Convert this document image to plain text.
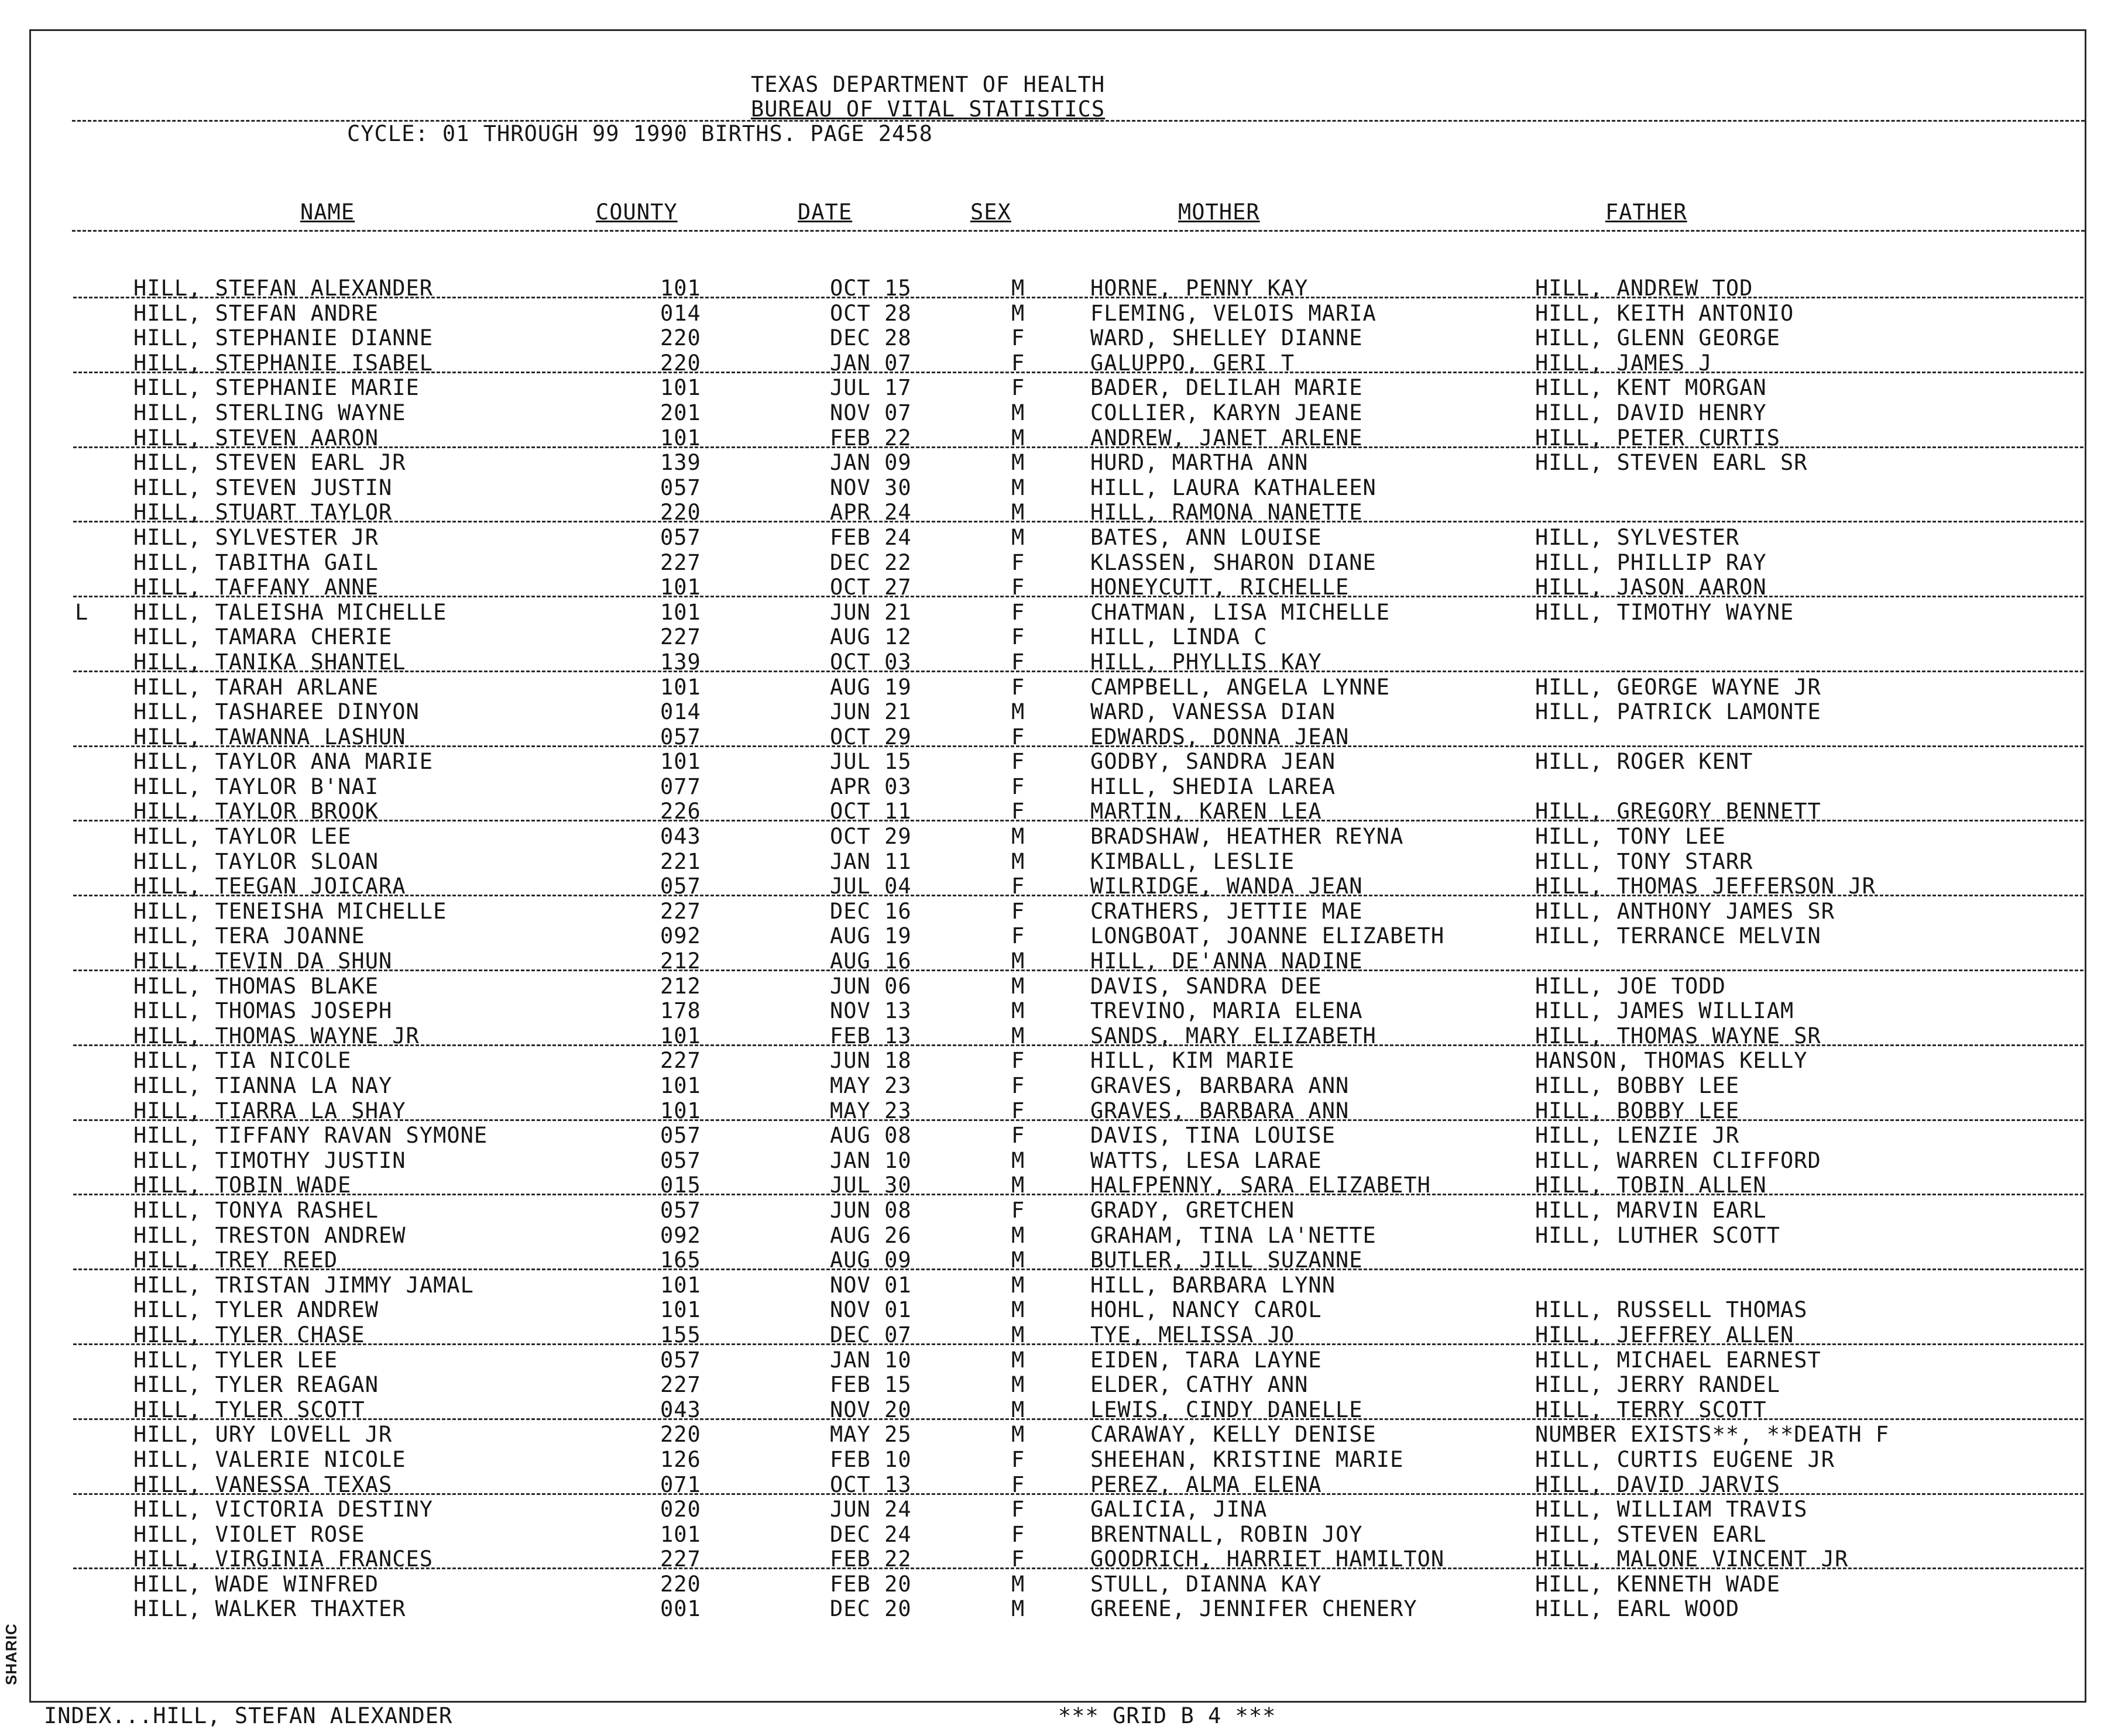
SHARIC
TEXAS DEPARTMENT OF HEALTH
BUREAU OF VITAL STATISTICS
CYCLE: 01 THROUGH 99 1990 BIRTHS. PAGE 2458
NAME	COUNTY	DATE	SEX	MOTHER	FATHER
HILL, STEFAN ALEXANDER	101	OCT 15	M	HORNE, PENNY KAY	HILL, ANDREW TOD
HILL, STEFAN ANDRE	014	OCT 28	M	FLEMING, VELOIS MARIA	HILL, KEITH ANTONIO
HILL, STEPHANIE DIANNE	220	DEC 28	F	WARD, SHELLEY DIANNE	HILL, GLENN GEORGE
HILL, STEPHANIE ISABEL	220	JAN 07	F	GALUPPO, GERI T	HILL, JAMES J
HILL, STEPHANIE MARIE	101	JUL 17	F	BADER, DELILAH MARIE	HILL, KENT MORGAN
HILL, STERLING WAYNE	201	NOV 07	M	COLLIER, KARYN JEANE	HILL, DAVID HENRY
HILL, STEVEN AARON	101	FEB 22	M	ANDREW, JANET ARLENE	HILL, PETER CURTIS
HILL, STEVEN EARL JR	139	JAN 09	M	HURD, MARTHA ANN	HILL, STEVEN EARL SR
HILL, STEVEN JUSTIN	057	NOV 30	M	HILL, LAURA KATHALEEN
HILL, STUART TAYLOR	220	APR 24	M	HILL, RAMONA NANETTE
HILL, SYLVESTER JR	057	FEB 24	M	BATES, ANN LOUISE	HILL, SYLVESTER
HILL, TABITHA GAIL	227	DEC 22	F	KLASSEN, SHARON DIANE	HILL, PHILLIP RAY
HILL, TAFFANY ANNE	101	OCT 27	F	HONEYCUTT, RICHELLE	HILL, JASON AARON
L HILL, TALEISHA MICHELLE	101	JUN 21	F	CHATMAN, LISA MICHELLE	HILL, TIMOTHY WAYNE
HILL, TAMARA CHERIE	227	AUG 12	F	HILL, LINDA C
HILL, TANIKA SHANTEL	139	OCT 03	F	HILL, PHYLLIS KAY
HILL, TARAH ARLANE	101	AUG 19	F	CAMPBELL, ANGELA LYNNE	HILL, GEORGE WAYNE JR
HILL, TASHAREE DINYON	014	JUN 21	M	WARD, VANESSA DIAN	HILL, PATRICK LAMONTE
HILL, TAWANNA LASHUN	057	OCT 29	F	EDWARDS, DONNA JEAN
HILL, TAYLOR ANA MARIE	101	JUL 15	F	GODBY, SANDRA JEAN	HILL, ROGER KENT
HILL, TAYLOR B'NAI	077	APR 03	F	HILL, SHEDIA LAREA
HILL, TAYLOR BROOK	226	OCT 11	F	MARTIN, KAREN LEA	HILL, GREGORY BENNETT
HILL, TAYLOR LEE	043	OCT 29	M	BRADSHAW, HEATHER REYNA	HILL, TONY LEE
HILL, TAYLOR SLOAN	221	JAN 11	M	KIMBALL, LESLIE	HILL, TONY STARR
HILL, TEEGAN JOICARA	057	JUL 04	F	WILRIDGE, WANDA JEAN	HILL, THOMAS JEFFERSON JR
HILL, TENEISHA MICHELLE	227	DEC 16	F	CRATHERS, JETTIE MAE	HILL, ANTHONY JAMES SR
HILL, TERA JOANNE	092	AUG 19	F	LONGBOAT, JOANNE ELIZABETH	HILL, TERRANCE MELVIN
HILL, TEVIN DA SHUN	212	AUG 16	M	HILL, DE'ANNA NADINE
HILL, THOMAS BLAKE	212	JUN 06	M	DAVIS, SANDRA DEE	HILL, JOE TODD
HILL, THOMAS JOSEPH	178	NOV 13	M	TREVINO, MARIA ELENA	HILL, JAMES WILLIAM
HILL, THOMAS WAYNE JR	101	FEB 13	M	SANDS, MARY ELIZABETH	HILL, THOMAS WAYNE SR
HILL, TIA NICOLE	227	JUN 18	F	HILL, KIM MARIE	HANSON, THOMAS KELLY
HILL, TIANNA LA NAY	101	MAY 23	F	GRAVES, BARBARA ANN	HILL, BOBBY LEE
HILL, TIARRA LA SHAY	101	MAY 23	F	GRAVES, BARBARA ANN	HILL, BOBBY LEE
HILL, TIFFANY RAVAN SYMONE	057	AUG 08	F	DAVIS, TINA LOUISE	HILL, LENZIE JR
HILL, TIMOTHY JUSTIN	057	JAN 10	M	WATTS, LESA LARAE	HILL, WARREN CLIFFORD
HILL, TOBIN WADE	015	JUL 30	M	HALFPENNY, SARA ELIZABETH	HILL, TOBIN ALLEN
HILL, TONYA RASHEL	057	JUN 08	F	GRADY, GRETCHEN	HILL, MARVIN EARL
HILL, TRESTON ANDREW	092	AUG 26	M	GRAHAM, TINA LA'NETTE	HILL, LUTHER SCOTT
HILL, TREY REED	165	AUG 09	M	BUTLER, JILL SUZANNE
HILL, TRISTAN JIMMY JAMAL	101	NOV 01	M	HILL, BARBARA LYNN
HILL, TYLER ANDREW	101	NOV 01	M	HOHL, NANCY CAROL	HILL, RUSSELL THOMAS
HILL, TYLER CHASE	155	DEC 07	M	TYE, MELISSA JO	HILL, JEFFREY ALLEN
HILL, TYLER LEE	057	JAN 10	M	EIDEN, TARA LAYNE	HILL, MICHAEL EARNEST
HILL, TYLER REAGAN	227	FEB 15	M	ELDER, CATHY ANN	HILL, JERRY RANDEL
HILL, TYLER SCOTT	043	NOV 20	M	LEWIS, CINDY DANELLE	HILL, TERRY SCOTT
HILL, URY LOVELL JR	220	MAY 25	M	CARAWAY, KELLY DENISE	NUMBER EXISTS**, **DEATH F
HILL, VALERIE NICOLE	126	FEB 10	F	SHEEHAN, KRISTINE MARIE	HILL, CURTIS EUGENE JR
HILL, VANESSA TEXAS	071	OCT 13	F	PEREZ, ALMA ELENA	HILL, DAVID JARVIS
HILL, VICTORIA DESTINY	020	JUN 24	F	GALICIA, JINA	HILL, WILLIAM TRAVIS
HILL, VIOLET ROSE	101	DEC 24	F	BRENTNALL, ROBIN JOY	HILL, STEVEN EARL
HILL, VIRGINIA FRANCES	227	FEB 22	F	GOODRICH, HARRIET HAMILTON	HILL, MALONE VINCENT JR
HILL, WADE WINFRED	220	FEB 20	M	STULL, DIANNA KAY	HILL, KENNETH WADE
HILL, WALKER THAXTER	001	DEC 20	M	GREENE, JENNIFER CHENERY	HILL, EARL WOOD
INDEX...HILL, STEFAN ALEXANDER	*** GRID B 4 ***
